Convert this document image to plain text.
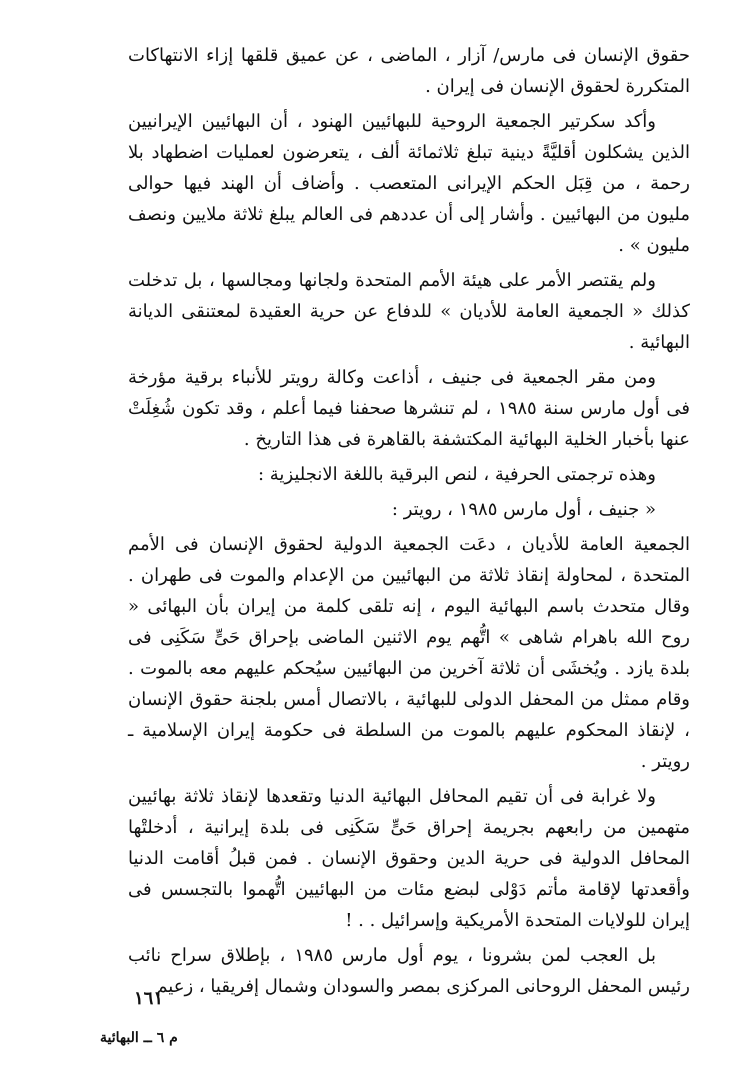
حقوق الإنسان فى مارس/ آزار ، الماضى ، عن عميق قلقها إزاء الانتهاكات المتكررة لحقوق الإنسان فى إيران .

وأكد سكرتير الجمعية الروحية للبهائيين الهنود ، أن البهائيين الإيرانيين الذين يشكلون أقليَّةً دينية تبلغ ثلاثمائة ألف ، يتعرضون لعمليات اضطهاد بلا رحمة ، من قِبَل الحكم الإيرانى المتعصب . وأضاف أن الهند فيها حوالى مليون من البهائيين . وأشار إلى أن عددهم فى العالم يبلغ ثلاثة ملايين ونصف مليون » .

ولم يقتصر الأمر على هيئة الأمم المتحدة ولجانها ومجالسها ، بل تدخلت كذلك « الجمعية العامة للأديان » للدفاع عن حرية العقيدة لمعتنقى الديانة البهائية .

ومن مقر الجمعية فى جنيف ، أذاعت وكالة رويتر للأنباء برقية مؤرخة فى أول مارس سنة ١٩٨٥ ، لم تنشرها صحفنا فيما أعلم ، وقد تكون شُغِلَتْ عنها بأخبار الخلية البهائية المكتشفة بالقاهرة فى هذا التاريخ .

وهذه ترجمتى الحرفية ، لنص البرقية باللغة الانجليزية :

« جنيف ، أول مارس ١٩٨٥ ، رويتر :

الجمعية العامة للأديان ، دعَت الجمعية الدولية لحقوق الإنسان فى الأمم المتحدة ، لمحاولة إنقاذ ثلاثة من البهائيين من الإعدام والموت فى طهران . وقال متحدث باسم البهائية اليوم ، إنه تلقى كلمة من إيران بأن البهائى « روح الله باهرام شاهى » اتُّهم يوم الاثنين الماضى بإحراق حَىٍّ سَكَنِى فى بلدة يازد . ويُخشَى أن ثلاثة آخرين من البهائيين سيُحكم عليهم معه بالموت . وقام ممثل من المحفل الدولى للبهائية ، بالاتصال أمس بلجنة حقوق الإنسان ، لإنقاذ المحكوم عليهم بالموت من السلطة فى حكومة إيران الإسلامية ـ رويتر .

ولا غرابة فى أن تقيم المحافل البهائية الدنيا وتقعدها لإنقاذ ثلاثة بهائيين متهمين من رابعهم بجريمة إحراق حَىٍّ سَكَنِى فى بلدة إيرانية ، أدخلتْها المحافل الدولية فى حرية الدين وحقوق الإنسان . فمن قبلُ أقامت الدنيا وأقعدتها لإقامة مأتم دَوْلى لبضع مئات من البهائيين اتُّهموا بالتجسس فى إيران للولايات المتحدة الأمريكية وإسرائيل . . !

بل العجب لمن بشرونا ، يوم أول مارس ١٩٨٥ ، بإطلاق سراح نائب رئيس المحفل الروحانى المركزى بمصر والسودان وشمال إفريقيا ، زعيم

١٦١
م ٦ ــ البهائية
